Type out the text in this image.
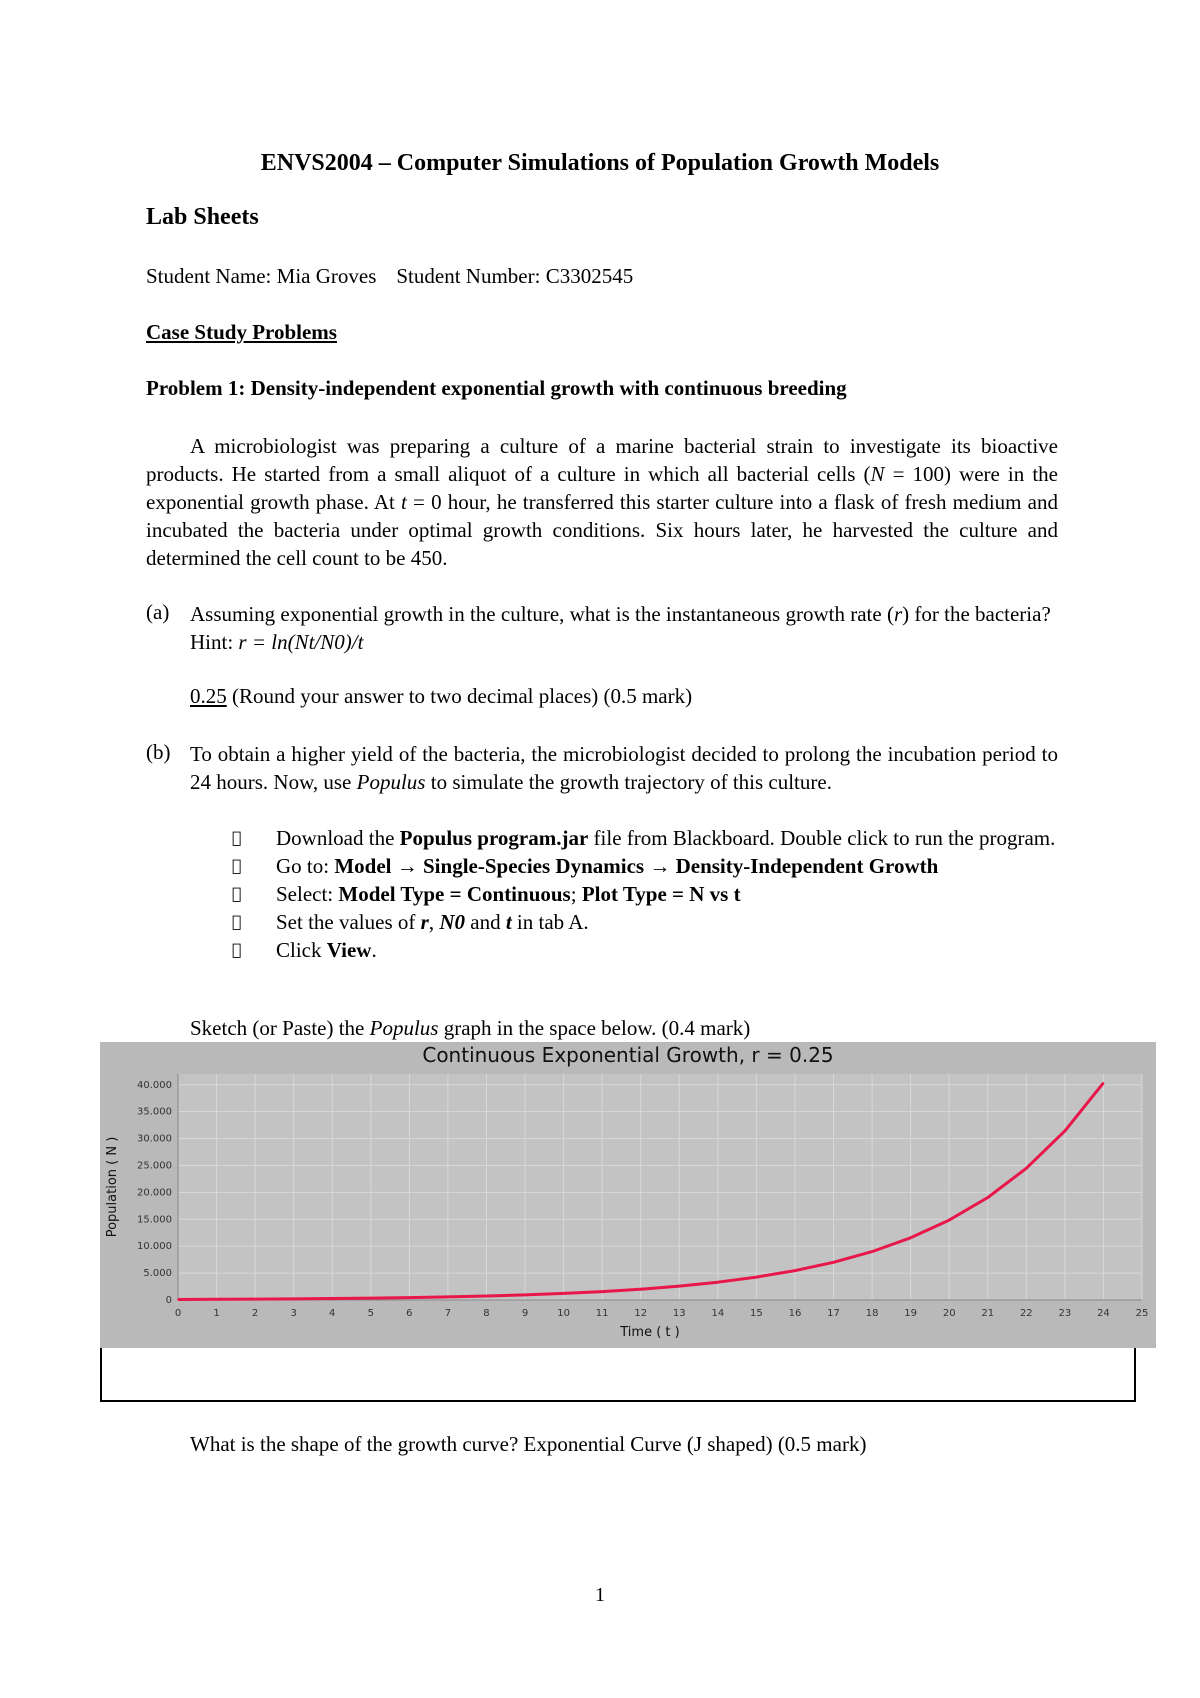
ENVS2004 – Computer Simulations of Population Growth Models
Lab Sheets
Student Name: Mia Groves Student Number: C3302545
Case Study Problems
Problem 1: Density-independent exponential growth with continuous breeding
A microbiologist was preparing a culture of a marine bacterial strain to investigate its bioactive products. He started from a small aliquot of a culture in which all bacterial cells (N = 100) were in the exponential growth phase. At t = 0 hour, he transferred this starter culture into a flask of fresh medium and incubated the bacteria under optimal growth conditions. Six hours later, he harvested the culture and determined the cell count to be 450.
(a) Assuming exponential growth in the culture, what is the instantaneous growth rate (r) for the bacteria? Hint: r = ln(Nt/N0)/t
0.25 (Round your answer to two decimal places) (0.5 mark)
(b) To obtain a higher yield of the bacteria, the microbiologist decided to prolong the incubation period to 24 hours. Now, use Populus to simulate the growth trajectory of this culture.
Download the Populus program.jar file from Blackboard. Double click to run the program.
Go to: Model → Single-Species Dynamics → Density-Independent Growth
Select: Model Type = Continuous; Plot Type = N vs t
Set the values of r, N0 and t in tab A.
Click View.
Sketch (or Paste) the Populus graph in the space below. (0.4 mark)
0
5.000
10.000
15.000
20.000
25.000
30.000
35.000
40.000
0	1	2	3	4	5	6	7	8	9	10	11	12	13	14	15	16	17	18	19	20	21	22	23	24	25
Continuous Exponential Growth, r = 0.25
Time ( t )
Population ( N )
What is the shape of the growth curve? Exponential Curve (J shaped) (0.5 mark)
1
